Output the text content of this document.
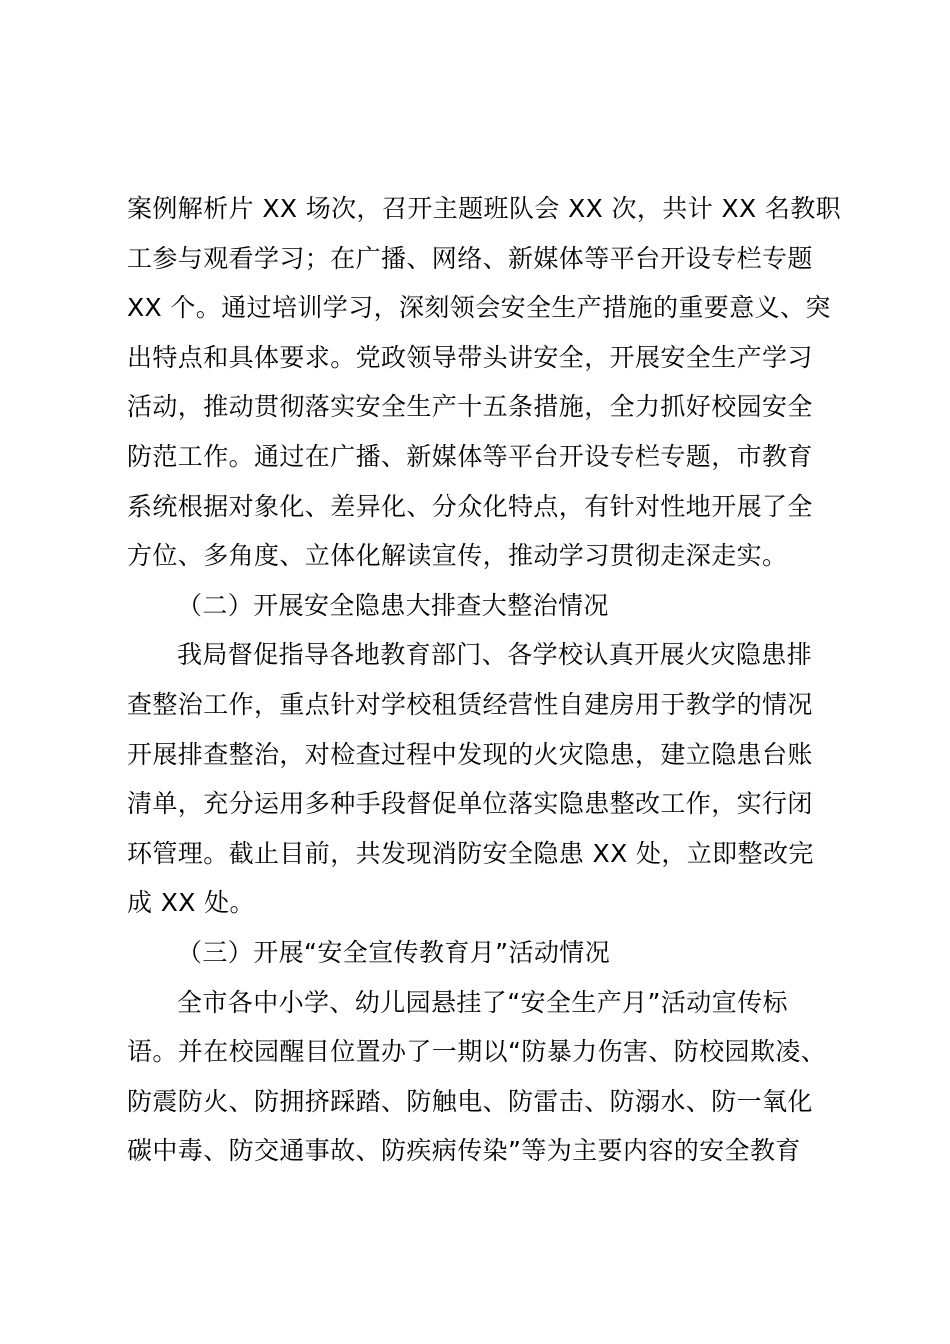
案例解析片 XX 场次，召开主题班队会 XX 次，共计 XX 名教职
工参与观看学习；在广播、网络、新媒体等平台开设专栏专题
XX 个。通过培训学习，深刻领会安全生产措施的重要意义、突
出特点和具体要求。党政领导带头讲安全，开展安全生产学习
活动，推动贯彻落实安全生产十五条措施，全力抓好校园安全
防范工作。通过在广播、新媒体等平台开设专栏专题，市教育
系统根据对象化、差异化、分众化特点，有针对性地开展了全
方位、多角度、立体化解读宣传，推动学习贯彻走深走实。
（二）开展安全隐患大排查大整治情况
我局督促指导各地教育部门、各学校认真开展火灾隐患排
查整治工作，重点针对学校租赁经营性自建房用于教学的情况
开展排查整治，对检查过程中发现的火灾隐患，建立隐患台账
清单，充分运用多种手段督促单位落实隐患整改工作，实行闭
环管理。截止目前，共发现消防安全隐患 XX 处，立即整改完
成 XX 处。
（三）开展“安全宣传教育月”活动情况
全市各中小学、幼儿园悬挂了“安全生产月”活动宣传标
语。并在校园醒目位置办了一期以“防暴力伤害、防校园欺凌、
防震防火、防拥挤踩踏、防触电、防雷击、防溺水、防一氧化
碳中毒、防交通事故、防疾病传染”等为主要内容的安全教育
